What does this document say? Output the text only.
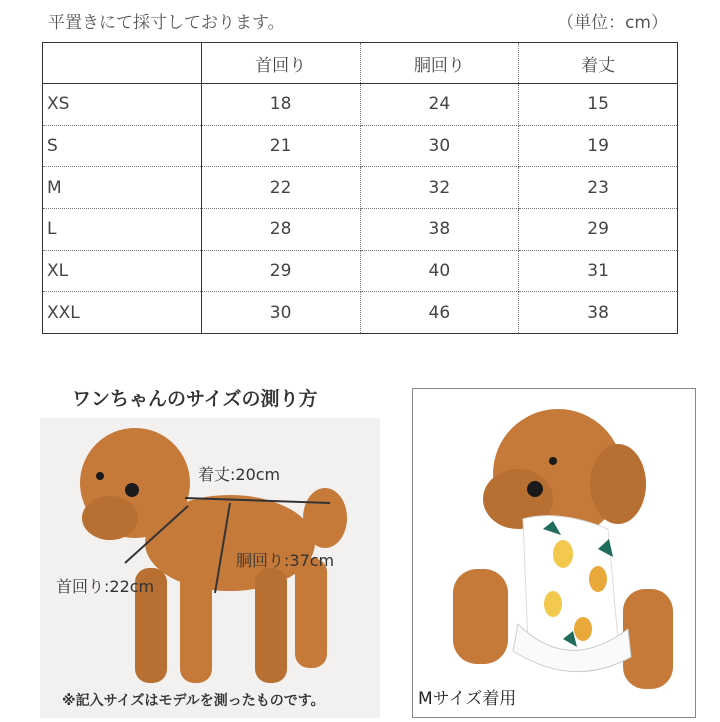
平置きにて採寸しております。	（単位：cm）
	首回り	胴回り	着丈
XS	18	24	15
S	21	30	19
M	22	32	23
L	28	38	29
XL	29	40	31
XXL	30	46	38
ワンちゃんのサイズの測り方
着丈:20cm
胴回り:37cm
首回り:22cm
※記入サイズはモデルを測ったものです。	Mサイズ着用
